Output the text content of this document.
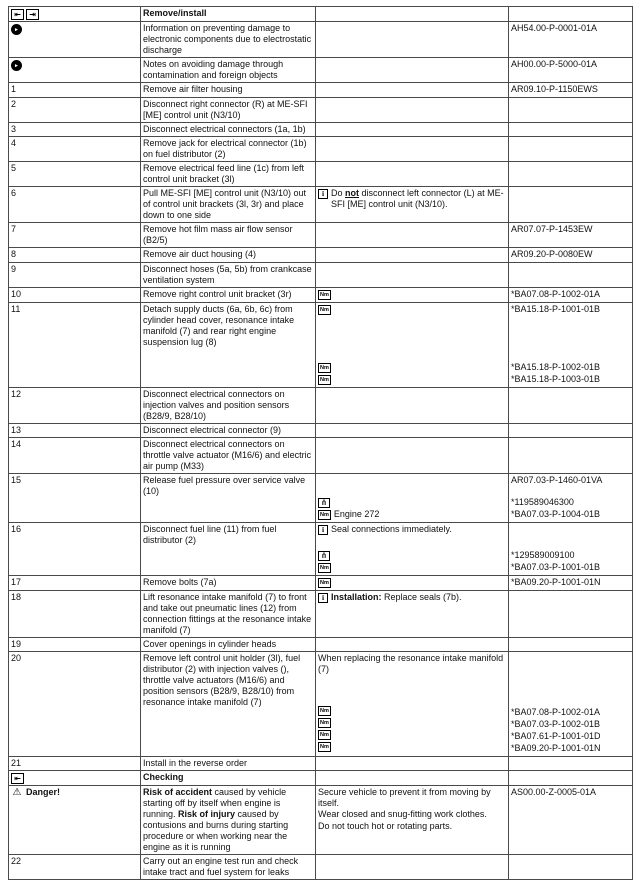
⇤ ⇥	Remove/install		
►	Information on preventing damage to electronic components due to electrostatic discharge		AH54.00-P-0001-01A

►	Notes on avoiding damage through contamination and foreign objects		AH00.00-P-5000-01A

1	Remove air filter housing		AR09.10-P-1150EWS

2	Disconnect right connector (R) at ME-SFI [ME] control unit (N3/10)		
3	Disconnect electrical connectors (1a, 1b)		
4	Remove jack for electrical connector (1b) on fuel distributor (2)		
5	Remove electrical feed line (1c) from left control unit bracket (3l)		
6	Pull ME-SFI [ME] control unit (N3/10) out of control unit brackets (3l, 3r) and place down to one side	i Do not disconnect left connector (L) at ME-SFI [ME] control unit (N3/10).	

7	Remove hot film mass air flow sensor (B2/5)		AR07.07-P-1453EW

8	Remove air duct housing (4)		AR09.20-P-0080EW

9	Disconnect hoses (5a, 5b) from crankcase ventilation system		
10	Remove right control unit bracket (3r)	Nm	*BA07.08-P-1002-01A

11	Detach supply ducts (6a, 6b, 6c) from cylinder head cover, resonance intake manifold (7) and rear right engine suspension lug (8)	
Nm
Nm
Nm

*BA15.18-P-1001-01B
*BA15.18-P-1002-01B
*BA15.18-P-1003-01B

12	Disconnect electrical connectors on injection valves and position sensors (B28/9, B28/10)		
13	Disconnect electrical connector (9)		
14	Disconnect electrical connectors on throttle valve actuator (M16/6) and electric air pump (M33)		
15	Release fuel pressure over service valve (10)	
⋔
Nm Engine 272

AR07.03-P-1460-01VA
*119589046300
*BA07.03-P-1004-01B

16	Disconnect fuel line (11) from fuel distributor (2)	
i Seal connections immediately.
⋔
Nm

*129589009100
*BA07.03-P-1001-01B

17	Remove bolts (7a)	Nm	*BA09.20-P-1001-01N

18	Lift resonance intake manifold (7) to front and take out pneumatic lines (12) from connection fittings at the resonance intake manifold (7)	i Installation: Replace seals (7b).	

19	Cover openings in cylinder heads		
20	Remove left control unit holder (3l), fuel distributor (2) with injection valves (), throttle valve actuators (M16/6) and position sensors (B28/9, B28/10) from resonance intake manifold (7)	
When replacing the resonance intake manifold (7)
Nm
Nm
Nm
Nm

*BA07.08-P-1002-01A
*BA07.03-P-1002-01B
*BA07.61-P-1001-01D
*BA09.20-P-1001-01N

21	Install in the reverse order		
⇤	Checking		
⚠ Danger!	Risk of accident caused by vehicle starting off by itself when engine is running. Risk of injury caused by contusions and burns during starting procedure or when working near the engine as it is running	
Secure vehicle to prevent it from moving by itself.
Wear closed and snug-fitting work clothes.
Do not touch hot or rotating parts.

AS00.00-Z-0005-01A

22	Carry out an engine test run and check intake tract and fuel system for leaks		
